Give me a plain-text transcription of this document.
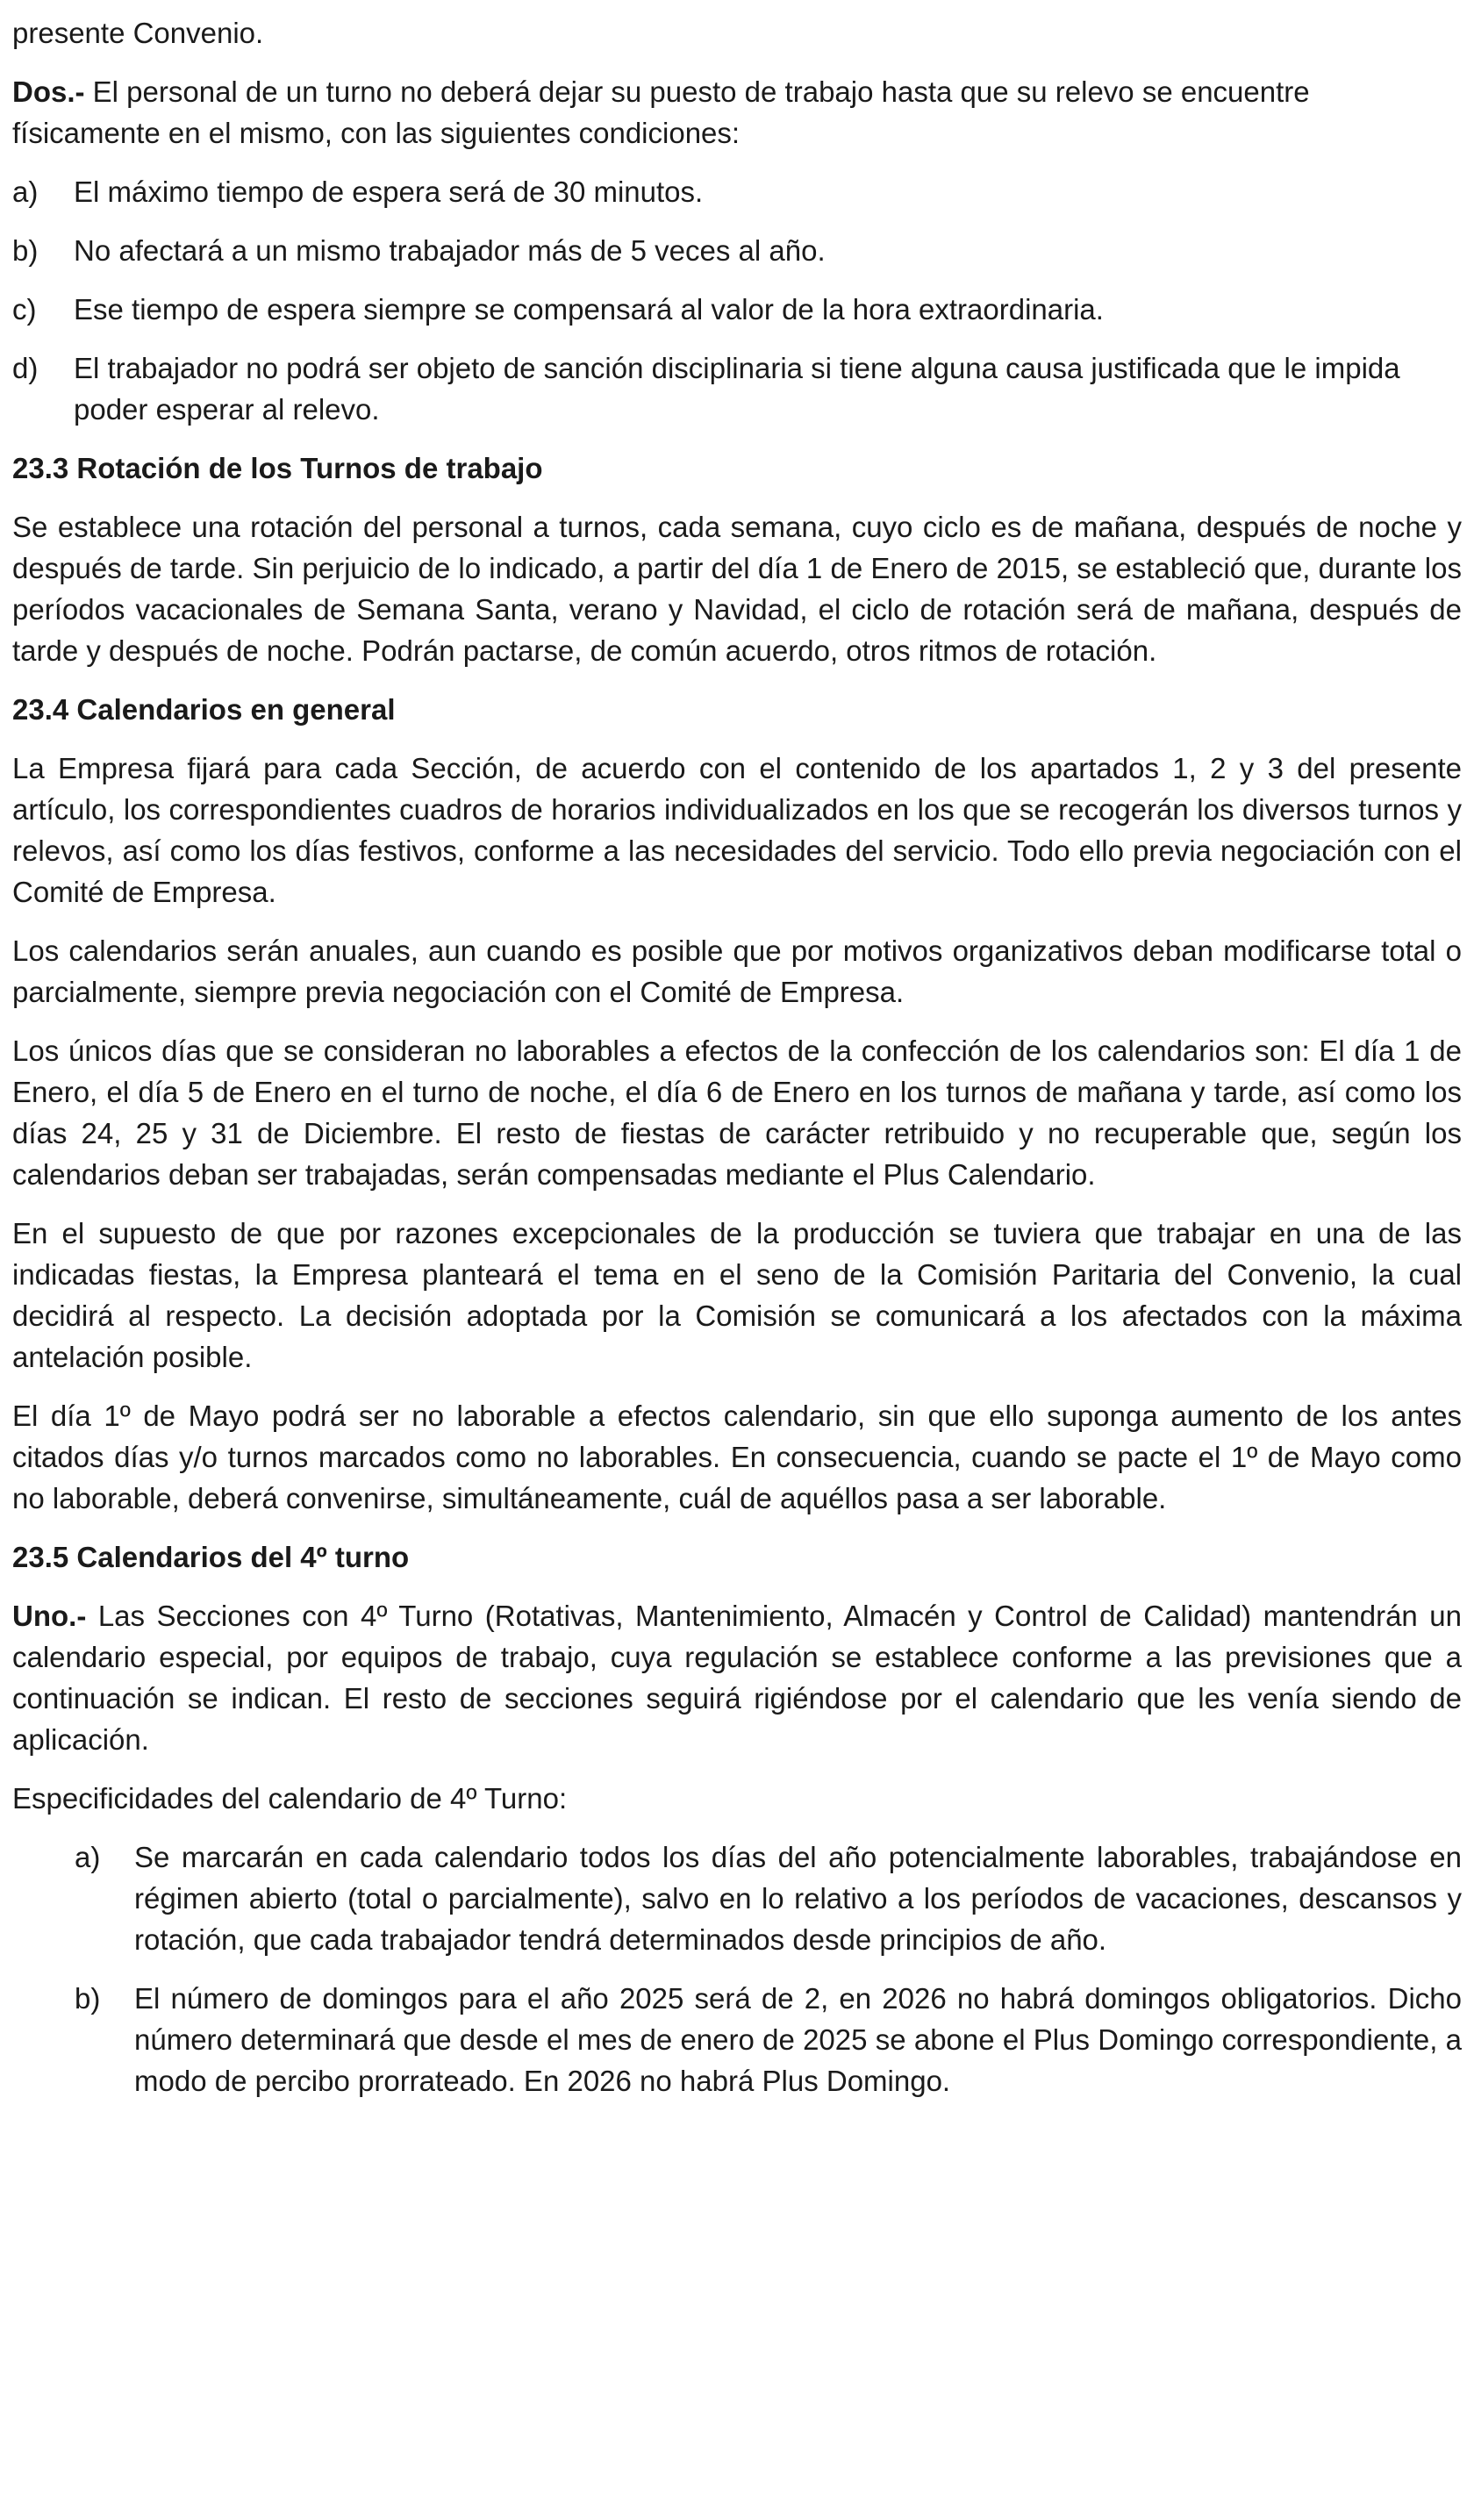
presente Convenio.

Dos.- El personal de un turno no deberá dejar su puesto de trabajo hasta que su relevo se encuentre físicamente en el mismo, con las siguientes condiciones:

a)	El máximo tiempo de espera será de 30 minutos.
b)	No afectará a un mismo trabajador más de 5 veces al año.
c)	Ese tiempo de espera siempre se compensará al valor de la hora extraordinaria.
d)	El trabajador no podrá ser objeto de sanción disciplinaria si tiene alguna causa justificada que le impida poder esperar al relevo.
23.3 Rotación de los Turnos de trabajo

Se establece una rotación del personal a turnos, cada semana, cuyo ciclo es de mañana, después de noche y después de tarde. Sin perjuicio de lo indicado, a partir del día 1 de Enero de 2015, se estableció que, durante los períodos vacacionales de Semana Santa, verano y Navidad, el ciclo de rotación será de mañana, después de tarde y después de noche. Podrán pactarse, de común acuerdo, otros ritmos de rotación.

23.4 Calendarios en general

La Empresa fijará para cada Sección, de acuerdo con el contenido de los apartados 1, 2 y 3 del presente artículo, los correspondientes cuadros de horarios individualizados en los que se recogerán los diversos turnos y relevos, así como los días festivos, conforme a las necesidades del servicio. Todo ello previa negociación con el Comité de Empresa.

Los calendarios serán anuales, aun cuando es posible que por motivos organizativos deban modificarse total o parcialmente, siempre previa negociación con el Comité de Empresa.

Los únicos días que se consideran no laborables a efectos de la confección de los calendarios son: El día 1 de Enero, el día 5 de Enero en el turno de noche, el día 6 de Enero en los turnos de mañana y tarde, así como los días 24, 25 y 31 de Diciembre. El resto de fiestas de carácter retribuido y no recuperable que, según los calendarios deban ser trabajadas, serán compensadas mediante el Plus Calendario.

En el supuesto de que por razones excepcionales de la producción se tuviera que trabajar en una de las indicadas fiestas, la Empresa planteará el tema en el seno de la Comisión Paritaria del Convenio, la cual decidirá al respecto. La decisión adoptada por la Comisión se comunicará a los afectados con la máxima antelación posible.

El día 1º de Mayo podrá ser no laborable a efectos calendario, sin que ello suponga aumento de los antes citados días y/o turnos marcados como no laborables. En consecuencia, cuando se pacte el 1º de Mayo como no laborable, deberá convenirse, simultáneamente, cuál de aquéllos pasa a ser laborable.

23.5 Calendarios del 4º turno

Uno.- Las Secciones con 4º Turno (Rotativas, Mantenimiento, Almacén y Control de Calidad) mantendrán un calendario especial, por equipos de trabajo, cuya regulación se establece conforme a las previsiones que a continuación se indican. El resto de secciones seguirá rigiéndose por el calendario que les venía siendo de aplicación.

Especificidades del calendario de 4º Turno:

a)	Se marcarán en cada calendario todos los días del año potencialmente laborables, trabajándose en régimen abierto (total o parcialmente), salvo en lo relativo a los períodos de vacaciones, descansos y rotación, que cada trabajador tendrá determinados desde principios de año.
b)	El número de domingos para el año 2025 será de 2, en 2026 no habrá domingos obligatorios. Dicho número determinará que desde el mes de enero de 2025 se abone el Plus Domingo correspondiente, a modo de percibo prorrateado. En 2026 no habrá Plus Domingo.
